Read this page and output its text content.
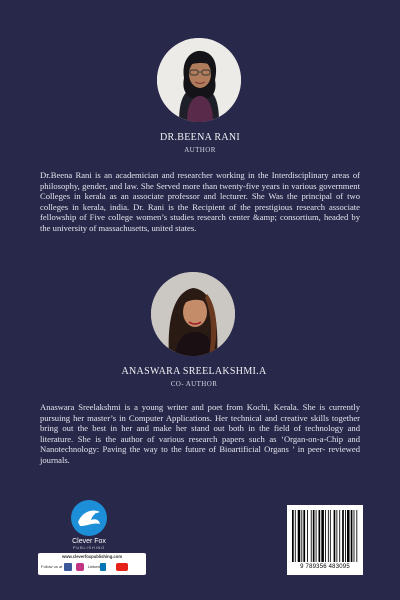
DR.BEENA RANI
AUTHOR
Dr.Beena Rani is an academician and researcher working in the Interdisciplinary areas of philosophy, gender, and law. She Served more than twenty-five years in various government Colleges in kerala as an associate professor and lecturer. She Was the principal of two colleges in kerala, india. Dr. Rani is the Recipient of the prestigious research associate fellowship of Five college women’s studies research center &amp; consortium, headed by the university of massachusetts, united states.
ANASWARA SREELAKSHMI.A
CO- AUTHOR
Anaswara Sreelakshmi is a young writer and poet from Kochi, Kerala. She is currently pursuing her master’s in Computer Applications. Her technical and creative skills together bring out the best in her and make her stand out both in the field of technology and literature. She is the author of various research papers such as ‘Organ-on-a-Chip and Nanotechnology: Paving the way to the future of Bioartificial Organs ’ in peer- reviewed journals.
Clever Fox
PUBLISHING
www.cleverfoxpublishing.com
Follow us at	Linked	9 789356 483095
